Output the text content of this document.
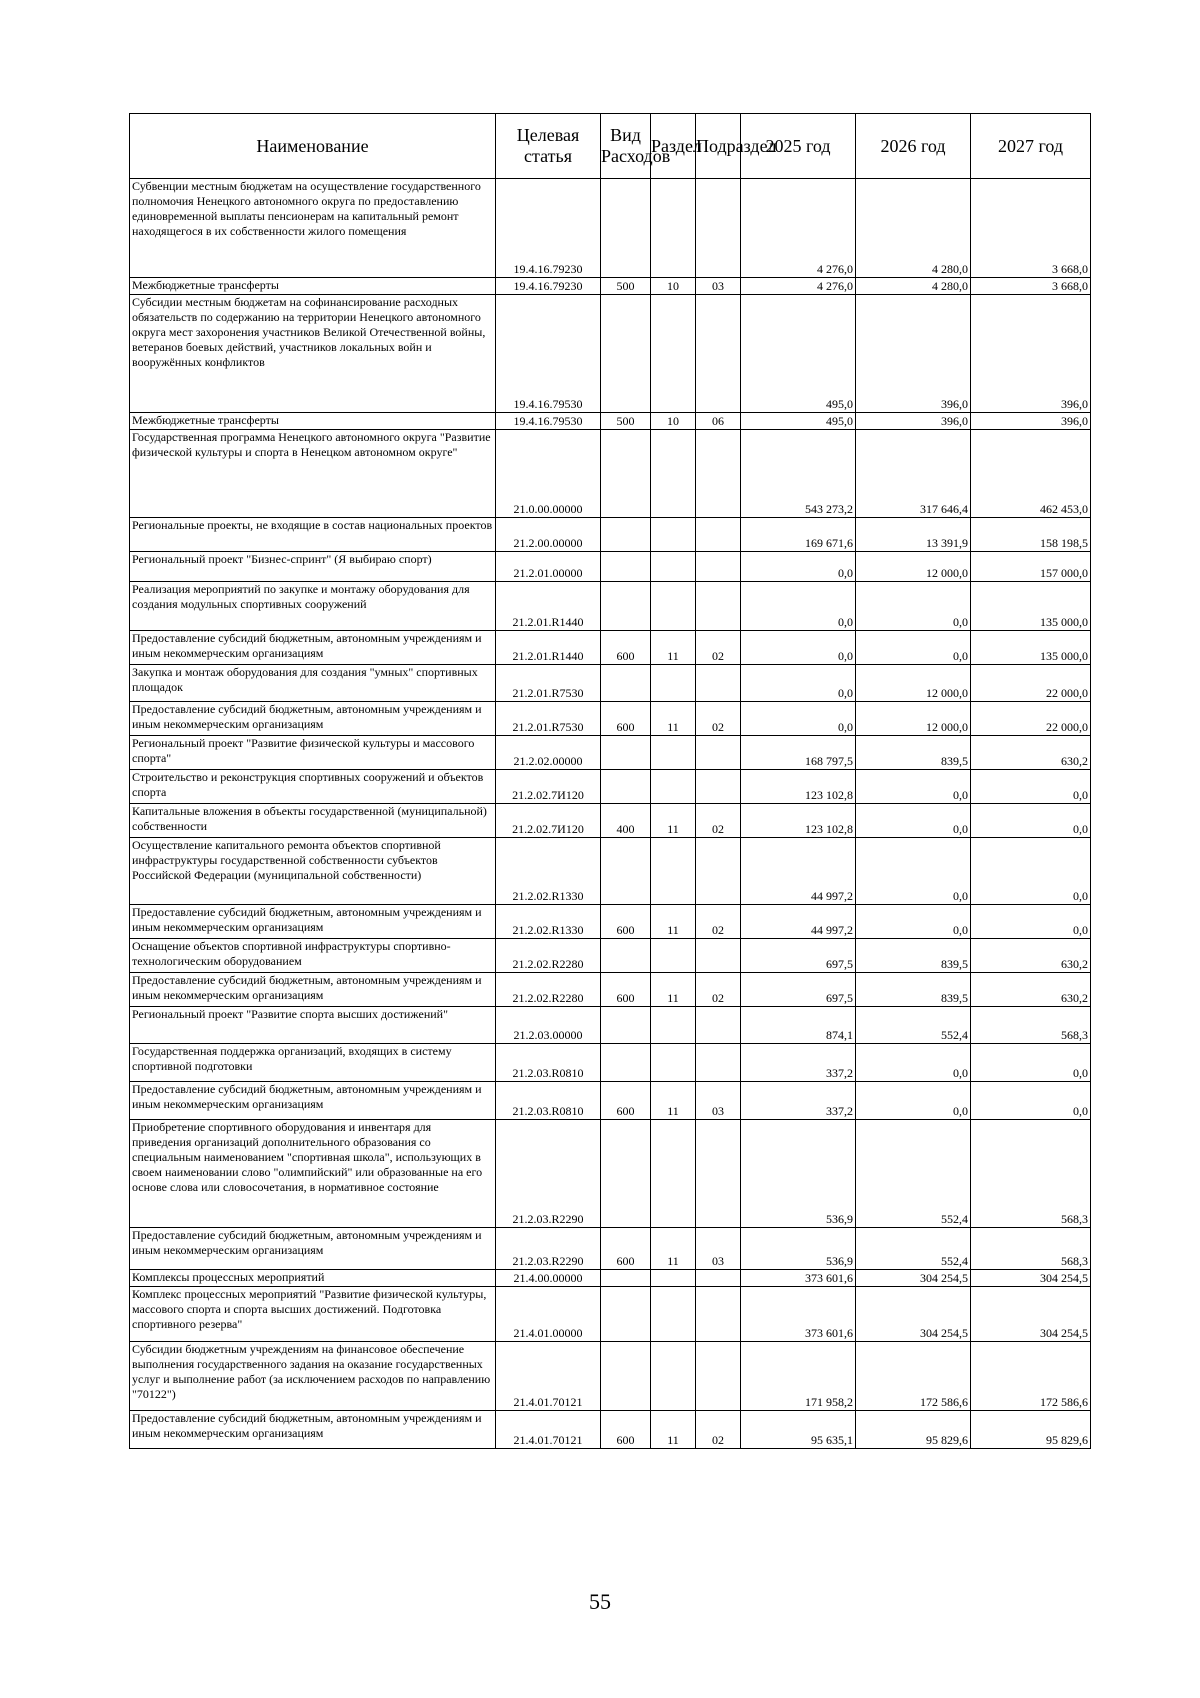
Наименование	Целевая статья	Вид Расходов	Раздел	Подраздел	2025 год	2026 год	2027 год
Субвенции местным бюджетам на осуществление государственного полномочия Ненецкого автономного округа по предоставлению единовременной выплаты пенсионерам на капитальный ремонт находящегося в их собственности жилого помещения	19.4.16.79230				4 276,0	4 280,0	3 668,0
Межбюджетные трансферты	19.4.16.79230	500	10	03	4 276,0	4 280,0	3 668,0
Субсидии местным бюджетам на софинансирование расходных обязательств по содержанию на территории Ненецкого автономного округа мест захоронения участников Великой Отечественной войны, ветеранов боевых действий, участников локальных войн и вооружённых конфликтов	19.4.16.79530				495,0	396,0	396,0
Межбюджетные трансферты	19.4.16.79530	500	10	06	495,0	396,0	396,0
Государственная программа Ненецкого автономного округа "Развитие физической культуры и спорта в Ненецком автономном округе"	21.0.00.00000				543 273,2	317 646,4	462 453,0
Региональные проекты, не входящие в состав национальных проектов	21.2.00.00000				169 671,6	13 391,9	158 198,5
Региональный проект "Бизнес-спринт" (Я выбираю спорт)	21.2.01.00000				0,0	12 000,0	157 000,0
Реализация мероприятий по закупке и монтажу оборудования для создания модульных спортивных сооружений	21.2.01.R1440				0,0	0,0	135 000,0
Предоставление субсидий бюджетным, автономным учреждениям и иным некоммерческим организациям	21.2.01.R1440	600	11	02	0,0	0,0	135 000,0
Закупка и монтаж оборудования для создания "умных" спортивных площадок	21.2.01.R7530				0,0	12 000,0	22 000,0
Предоставление субсидий бюджетным, автономным учреждениям и иным некоммерческим организациям	21.2.01.R7530	600	11	02	0,0	12 000,0	22 000,0
Региональный проект "Развитие физической культуры и массового спорта"	21.2.02.00000				168 797,5	839,5	630,2
Строительство и реконструкция спортивных сооружений и объектов спорта	21.2.02.7И120				123 102,8	0,0	0,0
Капитальные вложения в объекты государственной (муниципальной) собственности	21.2.02.7И120	400	11	02	123 102,8	0,0	0,0
Осуществление капитального ремонта объектов спортивной инфраструктуры государственной собственности субъектов Российской Федерации (муниципальной собственности)	21.2.02.R1330				44 997,2	0,0	0,0
Предоставление субсидий бюджетным, автономным учреждениям и иным некоммерческим организациям	21.2.02.R1330	600	11	02	44 997,2	0,0	0,0
Оснащение объектов спортивной инфраструктуры спортивно-технологическим оборудованием	21.2.02.R2280				697,5	839,5	630,2
Предоставление субсидий бюджетным, автономным учреждениям и иным некоммерческим организациям	21.2.02.R2280	600	11	02	697,5	839,5	630,2
Региональный проект "Развитие спорта высших достижений"	21.2.03.00000				874,1	552,4	568,3
Государственная поддержка организаций, входящих в систему спортивной подготовки	21.2.03.R0810				337,2	0,0	0,0
Предоставление субсидий бюджетным, автономным учреждениям и иным некоммерческим организациям	21.2.03.R0810	600	11	03	337,2	0,0	0,0
Приобретение спортивного оборудования и инвентаря для приведения организаций дополнительного образования со специальным наименованием "спортивная школа", использующих в своем наименовании слово "олимпийский" или образованные на его основе слова или словосочетания, в нормативное состояние	21.2.03.R2290				536,9	552,4	568,3
Предоставление субсидий бюджетным, автономным учреждениям и иным некоммерческим организациям	21.2.03.R2290	600	11	03	536,9	552,4	568,3
Комплексы процессных мероприятий	21.4.00.00000				373 601,6	304 254,5	304 254,5
Комплекс процессных мероприятий "Развитие физической культуры, массового спорта и спорта высших достижений. Подготовка спортивного резерва"	21.4.01.00000				373 601,6	304 254,5	304 254,5
Субсидии бюджетным учреждениям на финансовое обеспечение выполнения государственного задания на оказание государственных услуг и выполнение работ (за исключением расходов по направлению "70122")	21.4.01.70121				171 958,2	172 586,6	172 586,6
Предоставление субсидий бюджетным, автономным учреждениям и иным некоммерческим организациям	21.4.01.70121	600	11	02	95 635,1	95 829,6	95 829,6
55
